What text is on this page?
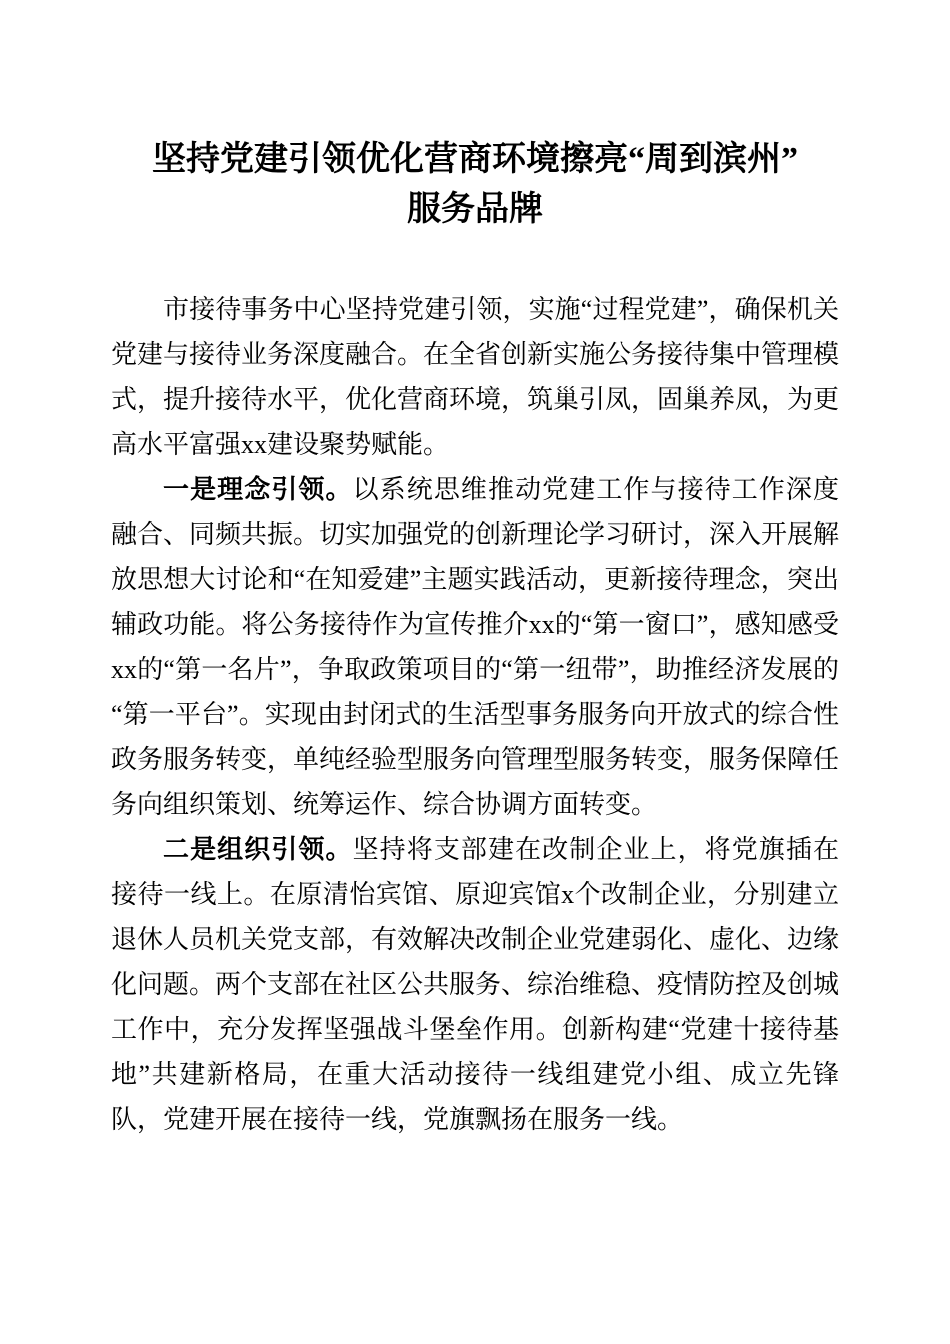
坚持党建引领优化营商环境擦亮“周到滨州”服务品牌

市接待事务中心坚持党建引领，实施“过程党建”，确保机关党建与接待业务深度融合。在全省创新实施公务接待集中管理模式，提升接待水平，优化营商环境，筑巢引凤，固巢养凤，为更高水平富强xx建设聚势赋能。

一是理念引领。以系统思维推动党建工作与接待工作深度融合、同频共振。切实加强党的创新理论学习研讨，深入开展解放思想大讨论和“在知爱建”主题实践活动，更新接待理念，突出辅政功能。将公务接待作为宣传推介xx的“第一窗口”，感知感受xx的“第一名片”，争取政策项目的“第一纽带”，助推经济发展的“第一平台”。实现由封闭式的生活型事务服务向开放式的综合性政务服务转变，单纯经验型服务向管理型服务转变，服务保障任务向组织策划、统筹运作、综合协调方面转变。

二是组织引领。坚持将支部建在改制企业上，将党旗插在接待一线上。在原清怡宾馆、原迎宾馆x个改制企业，分别建立退休人员机关党支部，有效解决改制企业党建弱化、虚化、边缘化问题。两个支部在社区公共服务、综治维稳、疫情防控及创城工作中，充分发挥坚强战斗堡垒作用。创新构建“党建十接待基地”共建新格局，在重大活动接待一线组建党小组、成立先锋队，党建开展在接待一线，党旗飘扬在服务一线。
